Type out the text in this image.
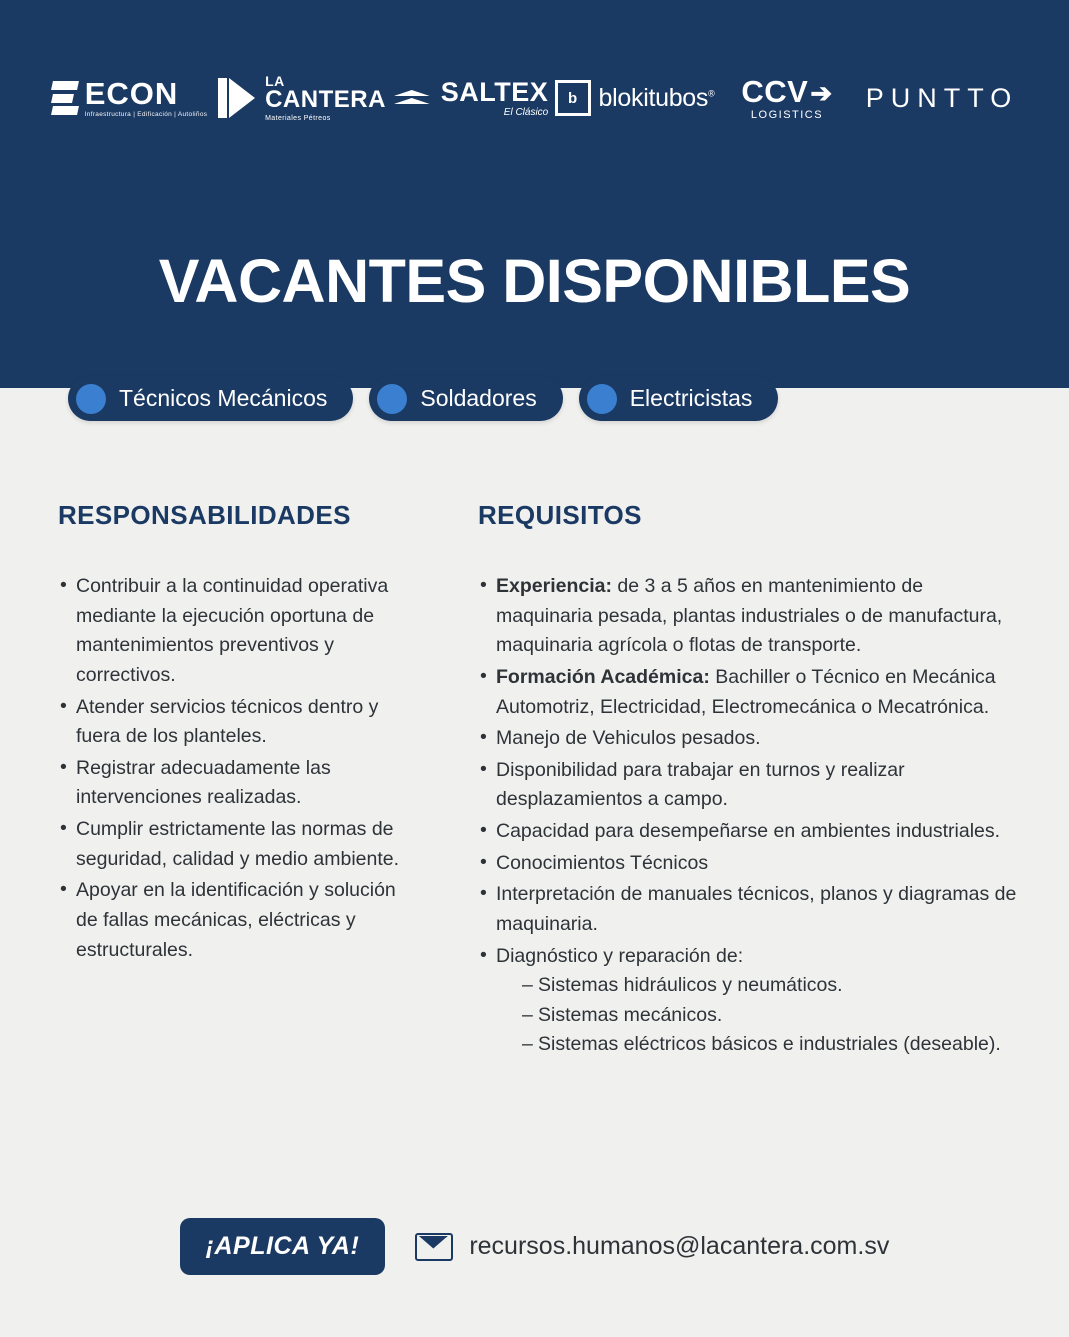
ECON
Infraestructura | Edificación | Autoliños
LA
CANTERA
Materiales Pétreos
SALTEX
El Clásico
b blokitubos® CCV➔
LOGISTICS
PUNTTO
VACANTES DISPONIBLES
Técnicos Mecánicos	Soldadores	Electricistas
RESPONSABILIDADES
• Contribuir a la continuidad operativa mediante la ejecución oportuna de mantenimientos preventivos y correctivos.
• Atender servicios técnicos dentro y fuera de los planteles.
• Registrar adecuadamente las intervenciones realizadas.
• Cumplir estrictamente las normas de seguridad, calidad y medio ambiente.
• Apoyar en la identificación y solución de fallas mecánicas, eléctricas y estructurales.
REQUISITOS
• Experiencia: de 3 a 5 años en mantenimiento de maquinaria pesada, plantas industriales o de manufactura, maquinaria agrícola o flotas de transporte.
• Formación Académica: Bachiller o Técnico en Mecánica Automotriz, Electricidad, Electromecánica o Mecatrónica.
• Manejo de Vehiculos pesados.
• Disponibilidad para trabajar en turnos y realizar desplazamientos a campo.
• Capacidad para desempeñarse en ambientes industriales.
• Conocimientos Técnicos
• Interpretación de manuales técnicos, planos y diagramas de maquinaria.
• Diagnóstico y reparación de:
– Sistemas hidráulicos y neumáticos.
– Sistemas mecánicos.
– Sistemas eléctricos básicos e industriales (deseable).
¡APLICA YA!	recursos.humanos@lacantera.com.sv
